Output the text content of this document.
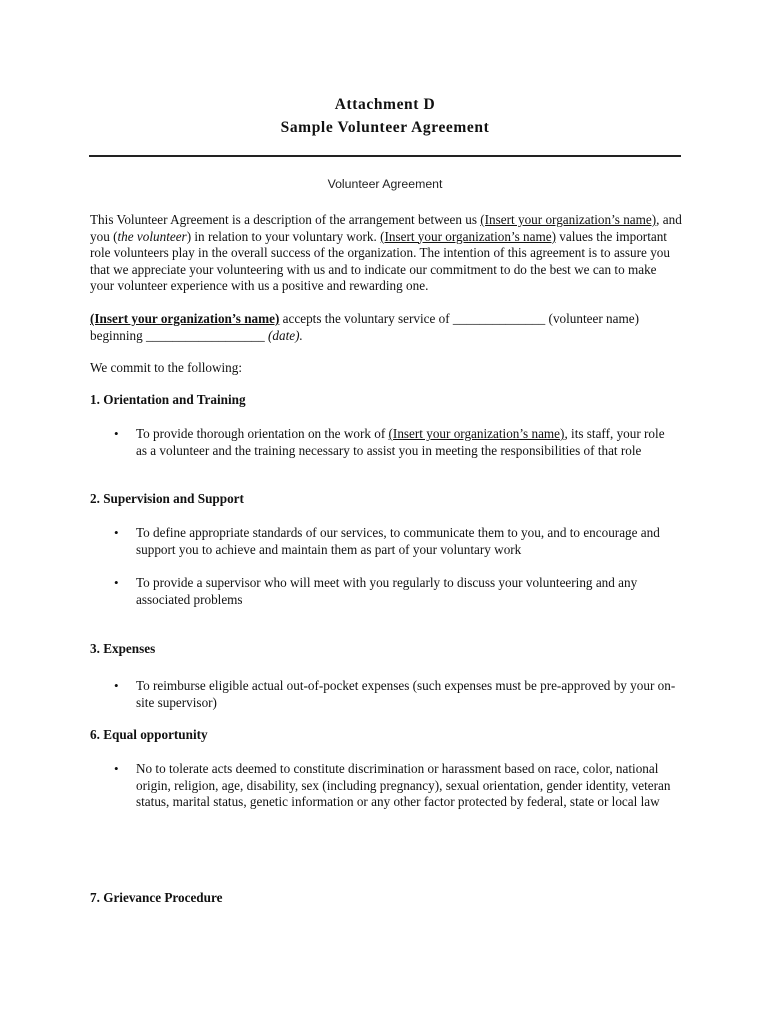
Attachment D
Sample Volunteer Agreement
Volunteer Agreement

This Volunteer Agreement is a description of the arrangement between us (Insert your organization’s name), and you (the volunteer) in relation to your voluntary work. (Insert your organization’s name) values the important role volunteers play in the overall success of the organization. The intention of this agreement is to assure you that we appreciate your volunteering with us and to indicate our commitment to do the best we can to make your volunteer experience with us a positive and rewarding one.

(Insert your organization’s name) accepts the voluntary service of ______________ (volunteer name)
beginning __________________ (date).

We commit to the following:

1. Orientation and Training

•	To provide thorough orientation on the work of (Insert your organization’s name), its staff, your role as a volunteer and the training necessary to assist you in meeting the responsibilities of that role

2. Supervision and Support

•	To define appropriate standards of our services, to communicate them to you, and to encourage and support you to achieve and maintain them as part of your voluntary work

•	To provide a supervisor who will meet with you regularly to discuss your volunteering and any associated problems

3. Expenses

•	To reimburse eligible actual out-of-pocket expenses (such expenses must be pre-approved by your on-site supervisor)

6. Equal opportunity

•	No to tolerate acts deemed to constitute discrimination or harassment based on race, color, national origin, religion, age, disability, sex (including pregnancy), sexual orientation, gender identity, veteran status, marital status, genetic information or any other factor protected by federal, state or local law

7. Grievance Procedure
